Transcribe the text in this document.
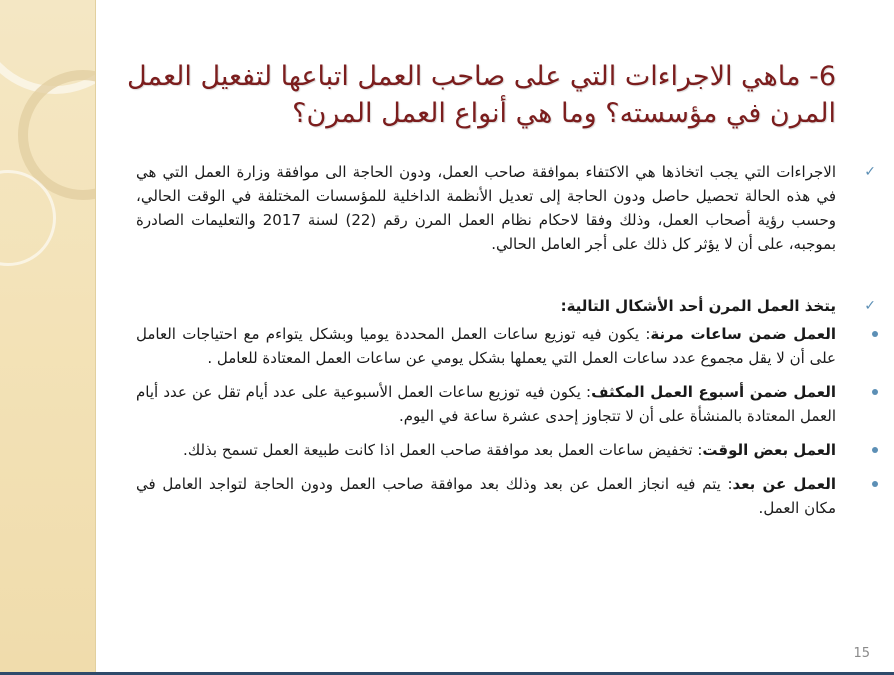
6- ماهي الاجراءات التي على صاحب العمل اتباعها لتفعيل العمل المرن في مؤسسته؟ وما هي أنواع العمل المرن؟
✓
الاجراءات التي يجب اتخاذها هي الاكتفاء بموافقة صاحب العمل، ودون الحاجة الى موافقة وزارة العمل التي هي في هذه الحالة تحصيل حاصل ودون الحاجة إلى تعديل الأنظمة الداخلية للمؤسسات المختلفة في الوقت الحالي، وحسب رؤية أصحاب العمل، وذلك وفقا لاحكام نظام العمل المرن رقم (22) لسنة 2017 والتعليمات الصادرة بموجبه، على أن لا يؤثر كل ذلك على أجر العامل الحالي.
✓
يتخذ العمل المرن أحد الأشكال التالية:
العمل ضمن ساعات مرنة: يكون فيه توزيع ساعات العمل المحددة يوميا وبشكل يتواءم مع احتياجات العامل على أن لا يقل مجموع عدد ساعات العمل التي يعملها بشكل يومي عن ساعات العمل المعتادة للعامل .
العمل ضمن أسبوع العمل المكثف: يكون فيه توزيع ساعات العمل الأسبوعية على عدد أيام تقل عن عدد أيام العمل المعتادة بالمنشأة على أن لا تتجاوز إحدى عشرة ساعة في اليوم.
العمل بعض الوقت: تخفيض ساعات العمل بعد موافقة صاحب العمل اذا كانت طبيعة العمل تسمح بذلك.
العمل عن بعد: يتم فيه انجاز العمل عن بعد وذلك بعد موافقة صاحب العمل ودون الحاجة لتواجد العامل في مكان العمل.
15
